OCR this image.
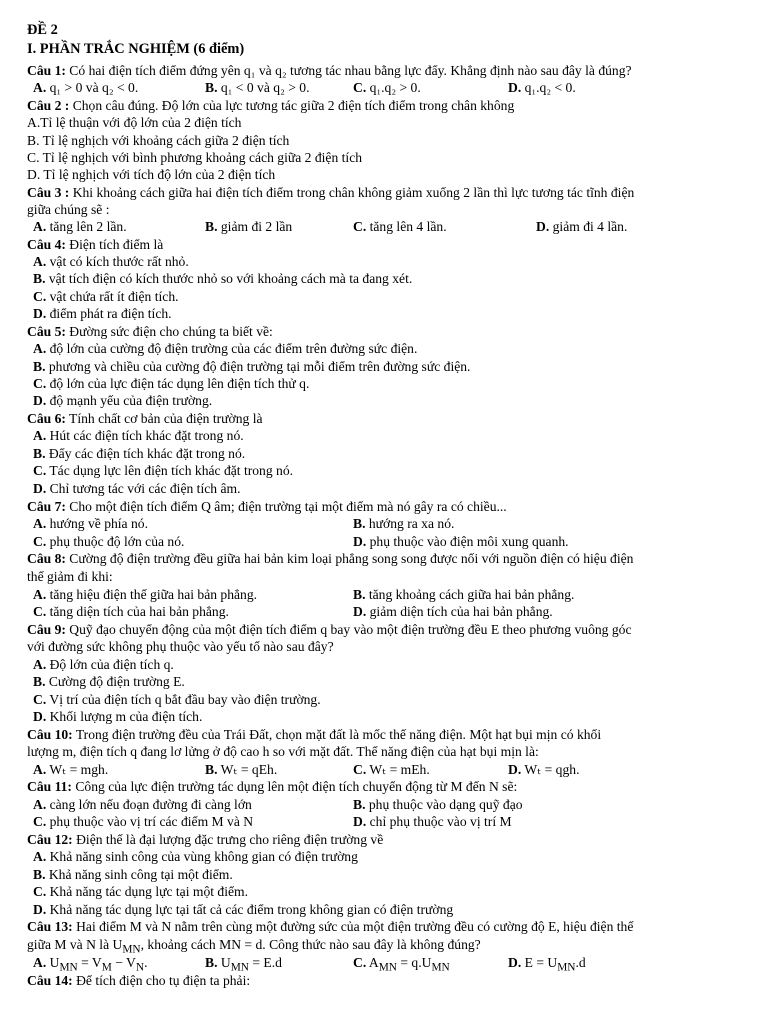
ĐỀ 2
I. PHẦN TRẮC NGHIỆM (6 điểm)
Câu 1: Có hai điện tích điểm đứng yên q₁ và q₂ tương tác nhau bằng lực đẩy. Khẳng định nào sau đây là đúng?
A. q₁ > 0 và q₂ < 0.	B. q₁ < 0 và q₂ > 0.	C. q₁.q₂ > 0.	D. q₁.q₂ < 0.
Câu 2 : Chọn câu đúng. Độ lớn của lực tương tác giữa 2 điện tích điểm trong chân không
A.Tỉ lệ thuận với độ lớn của 2 điện tích
B. Tỉ lệ nghịch với khoảng cách giữa 2 điện tích
C. Tỉ lệ nghịch với bình phương khoảng cách giữa 2 điện tích
D. Tỉ lệ nghịch với tích độ lớn của 2 điện tích
Câu 3 : Khi khoảng cách giữa hai điện tích điểm trong chân không giảm xuống 2 lần thì lực tương tác tĩnh điện
giữa chúng sẽ :
A. tăng lên 2 lần.	B. giảm đi 2 lần	C. tăng lên 4 lần.	D. giảm đi 4 lần.
Câu 4: Điện tích điểm là
A. vật có kích thước rất nhỏ.
B. vật tích điện có kích thước nhỏ so với khoảng cách mà ta đang xét.
C. vật chứa rất ít điện tích.
D. điểm phát ra điện tích.
Câu 5: Đường sức điện cho chúng ta biết về:
A. độ lớn của cường độ điện trường của các điểm trên đường sức điện.
B. phương và chiều của cường độ điện trường tại mỗi điểm trên đường sức điện.
C. độ lớn của lực điện tác dụng lên điện tích thử q.
D. độ mạnh yếu của điện trường.
Câu 6: Tính chất cơ bản của điện trường là
A. Hút các điện tích khác đặt trong nó.
B. Đẩy các điện tích khác đặt trong nó.
C. Tác dụng lực lên điện tích khác đặt trong nó.
D. Chỉ tương tác với các điện tích âm.
Câu 7: Cho một điện tích điểm Q âm; điện trường tại một điểm mà nó gây ra có chiều...
A. hướng về phía nó.	B. hướng ra xa nó.
C. phụ thuộc độ lớn của nó.	D. phụ thuộc vào điện môi xung quanh.
Câu 8: Cường độ điện trường đều giữa hai bản kim loại phẳng song song được nối với nguồn điện có hiệu điện
thế giảm đi khi:
A. tăng hiệu điện thế giữa hai bản phẳng.	B. tăng khoảng cách giữa hai bản phẳng.
C. tăng diện tích của hai bản phẳng.	D. giảm diện tích của hai bản phẳng.
Câu 9: Quỹ đạo chuyển động của một điện tích điểm q bay vào một điện trường đều E theo phương vuông góc
với đường sức không phụ thuộc vào yếu tố nào sau đây?
A. Độ lớn của điện tích q.
B. Cường độ điện trường E.
C. Vị trí của điện tích q bắt đầu bay vào điện trường.
D. Khối lượng m của điện tích.
Câu 10: Trong điện trường đều của Trái Đất, chọn mặt đất là mốc thế năng điện. Một hạt bụi mịn có khối
lượng m, điện tích q đang lơ lửng ở độ cao h so với mặt đất. Thế năng điện của hạt bụi mịn là:
A. Wₜ = mgh.	B. Wₜ = qEh.	C. Wₜ = mEh.	D. Wₜ = qgh.
Câu 11: Công của lực điện trường tác dụng lên một điện tích chuyển động từ M đến N sẽ:
A. càng lớn nếu đoạn đường đi càng lớn	B. phụ thuộc vào dạng quỹ đạo
C. phụ thuộc vào vị trí các điểm M và N	D. chỉ phụ thuộc vào vị trí M
Câu 12: Điện thế là đại lượng đặc trưng cho riêng điện trường về
A. Khả năng sinh công của vùng không gian có điện trường
B. Khả năng sinh công tại một điểm.
C. Khả năng tác dụng lực tại một điểm.
D. Khả năng tác dụng lực tại tất cả các điểm trong không gian có điện trường
Câu 13: Hai điểm M và N nằm trên cùng một đường sức của một điện trường đều có cường độ E, hiệu điện thế
giữa M và N là $U_{MN}$, khoảng cách MN = d. Công thức nào sau đây là không đúng?
A. $U_{MN} = V_M - V_N$.	B. $U_{MN} = E.d$	C. $A_{MN} = q.U_{MN}$	D. $E = U_{MN}.d$
Câu 14: Để tích điện cho tụ điện ta phải:
